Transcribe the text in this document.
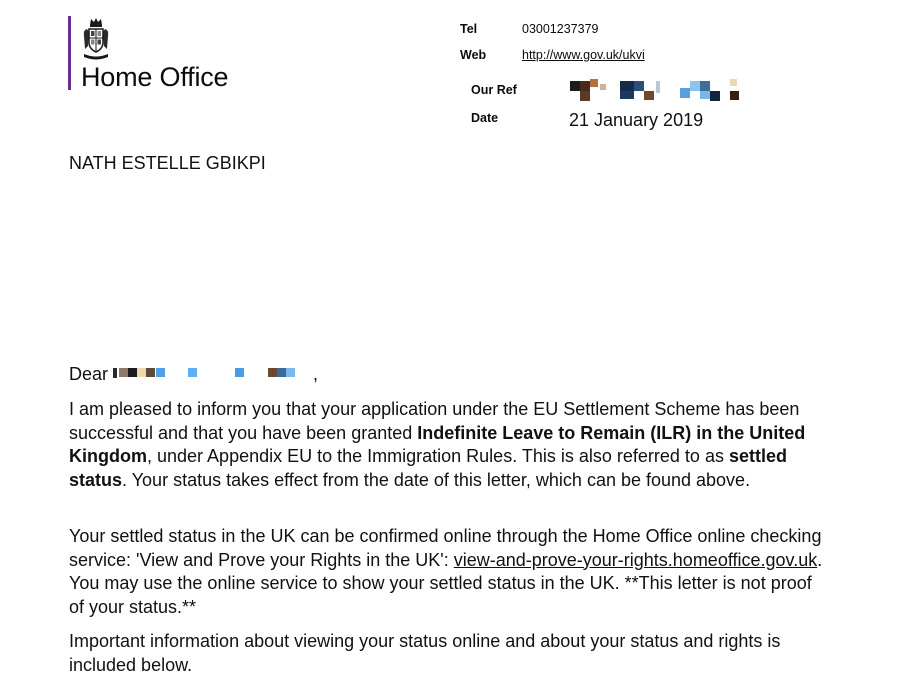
Home Office
Tel	03001237379
Web	http://www.gov.uk/ukvi
Our Ref
Date	21 January 2019
NATH ESTELLE GBIKPI
Dear	,

I am pleased to inform you that your application under the EU Settlement Scheme has been successful and that you have been granted Indefinite Leave to Remain (ILR) in the United Kingdom, under Appendix EU to the Immigration Rules. This is also referred to as settled status. Your status takes effect from the date of this letter, which can be found above.

Your settled status in the UK can be confirmed online through the Home Office online checking service: 'View and Prove your Rights in the UK': view-and-prove-your-rights.homeoffice.gov.uk. You may use the online service to show your settled status in the UK. **This letter is not proof of your status.**

Important information about viewing your status online and about your status and rights is included below.
